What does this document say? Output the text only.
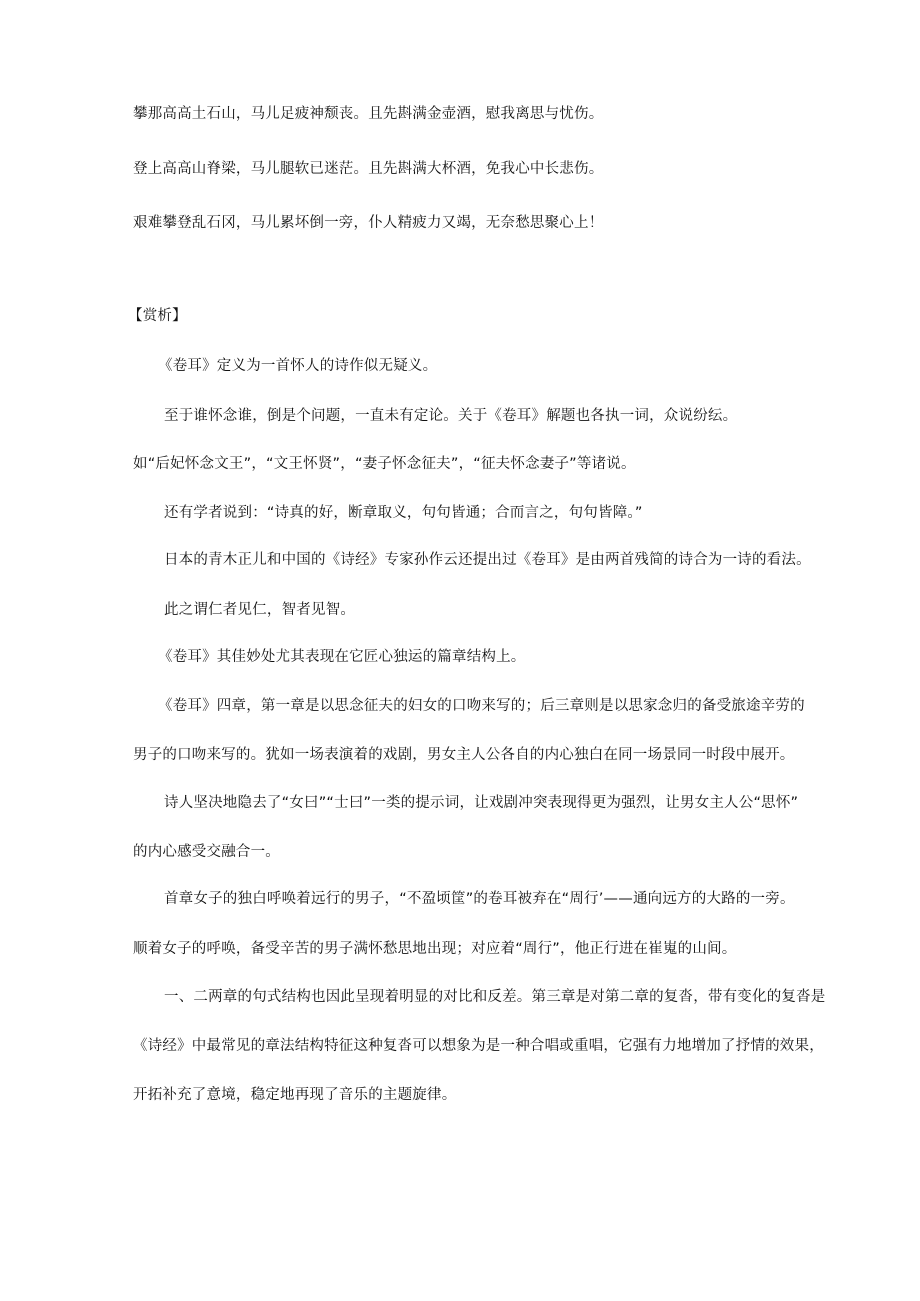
攀那高高土石山，马儿足疲神颓丧。且先斟满金壶酒，慰我离思与忧伤。
登上高高山脊梁，马儿腿软已迷茫。且先斟满大杯酒，免我心中长悲伤。
艰难攀登乱石冈，马儿累坏倒一旁，仆人精疲力又竭，无奈愁思聚心上！
【赏析】
《卷耳》定义为一首怀人的诗作似无疑义。
至于谁怀念谁，倒是个问题，一直未有定论。关于《卷耳》解题也各执一词，众说纷纭。
如“后妃怀念文王”，“文王怀贤”，“妻子怀念征夫”，“征夫怀念妻子”等诸说。
还有学者说到：“诗真的好，断章取义，句句皆通；合而言之，句句皆障。”
日本的青木正儿和中国的《诗经》专家孙作云还提出过《卷耳》是由两首残简的诗合为一诗的看法。
此之谓仁者见仁，智者见智。
《卷耳》其佳妙处尤其表现在它匠心独运的篇章结构上。
《卷耳》四章，第一章是以思念征夫的妇女的口吻来写的；后三章则是以思家念归的备受旅途辛劳的
男子的口吻来写的。犹如一场表演着的戏剧，男女主人公各自的内心独白在同一场景同一时段中展开。
诗人坚决地隐去了“女曰”“士曰”一类的提示词，让戏剧冲突表现得更为强烈，让男女主人公“思怀”
的内心感受交融合一。
首章女子的独白呼唤着远行的男子，“不盈顷筐”的卷耳被弃在“周行’——通向远方的大路的一旁。
顺着女子的呼唤，备受辛苦的男子满怀愁思地出现；对应着“周行”，他正行进在崔嵬的山间。
一、二两章的句式结构也因此呈现着明显的对比和反差。第三章是对第二章的复沓，带有变化的复沓是
《诗经》中最常见的章法结构特征这种复沓可以想象为是一种合唱或重唱，它强有力地增加了抒情的效果，
开拓补充了意境，稳定地再现了音乐的主题旋律。
